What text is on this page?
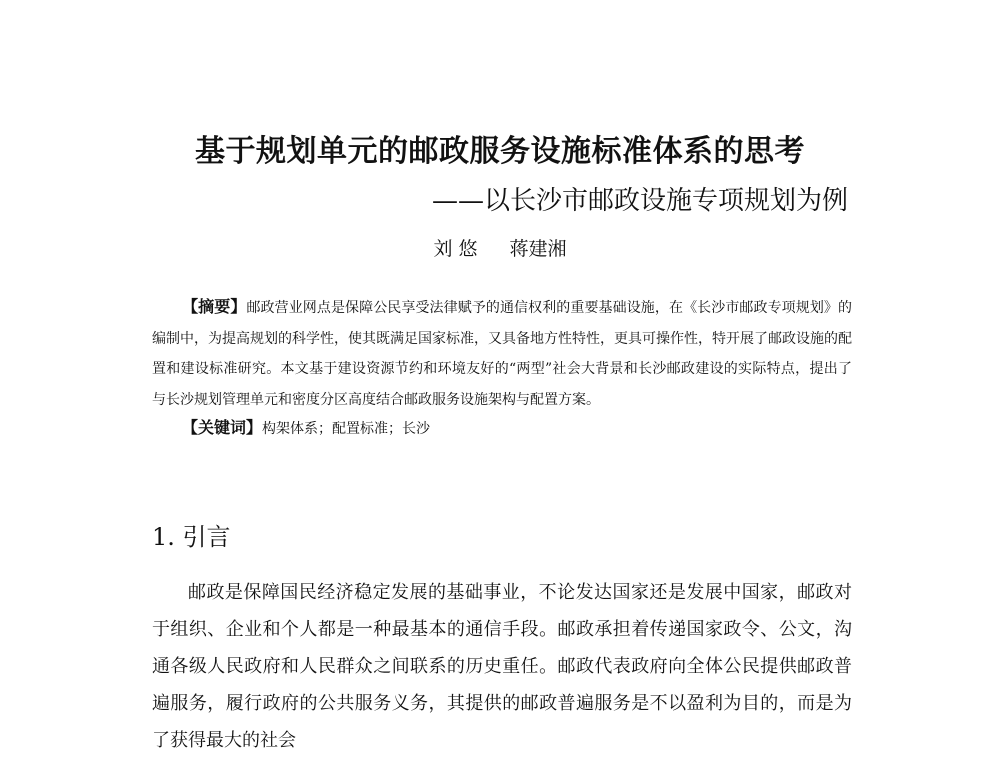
基于规划单元的邮政服务设施标准体系的思考
——以长沙市邮政设施专项规划为例
刘 悠 蒋建湘

【摘要】邮政营业网点是保障公民享受法律赋予的通信权利的重要基础设施，在《长沙市邮政专项规划》的编制中，为提高规划的科学性，使其既满足国家标准，又具备地方性特性，更具可操作性，特开展了邮政设施的配置和建设标准研究。本文基于建设资源节约和环境友好的“两型”社会大背景和长沙邮政建设的实际特点，提出了与长沙规划管理单元和密度分区高度结合邮政服务设施架构与配置方案。

【关键词】构架体系；配置标准；长沙

1. 引言

邮政是保障国民经济稳定发展的基础事业，不论发达国家还是发展中国家，邮政对于组织、企业和个人都是一种最基本的通信手段。邮政承担着传递国家政令、公文，沟通各级人民政府和人民群众之间联系的历史重任。邮政代表政府向全体公民提供邮政普遍服务，履行政府的公共服务义务，其提供的邮政普遍服务是不以盈利为目的，而是为了获得最大的社会
